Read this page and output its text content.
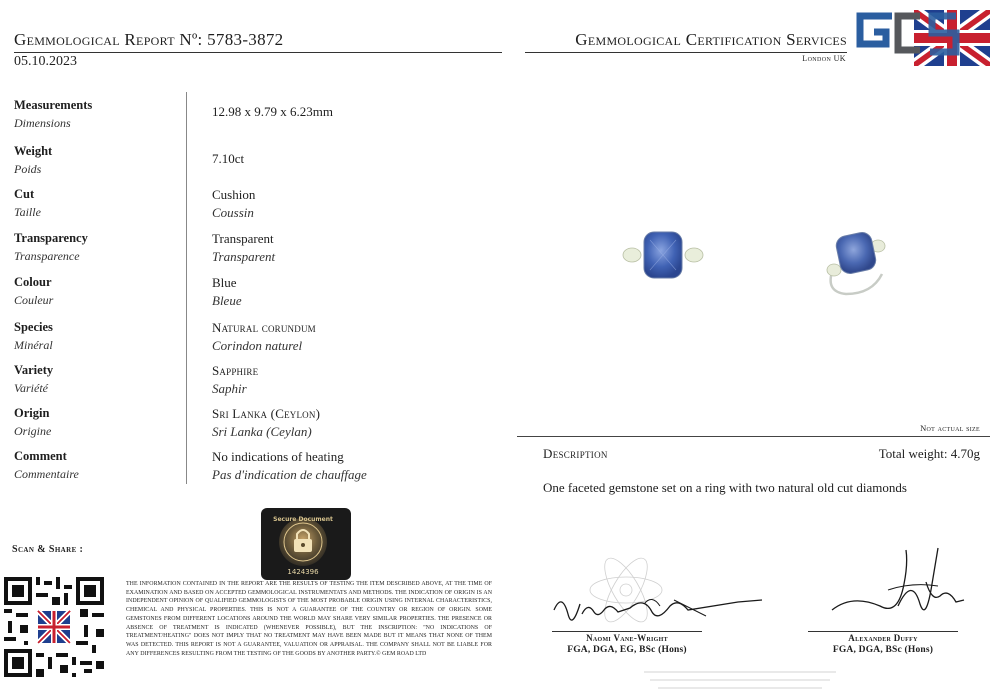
Gemmological Report Nº: 5783-3872
05.10.2023
Gemmological Certification Services
London UK
Measurements
Dimensions
12.98 x 9.79 x 6.23mm
Weight
Poids
7.10ct
Cut
Taille
Cushion
Coussin
Transparency
Transparence
Transparent
Transparent
Colour
Couleur
Blue
Bleue
Species
Minéral
Natural corundum
Corindon naturel
Variety
Variété
Sapphire
Saphir
Origin
Origine
Sri Lanka (Ceylon)
Sri Lanka (Ceylan)
Comment
Commentaire
No indications of heating
Pas d'indication de chauffage
Not actual size
Description	Total weight: 4.70g
One faceted gemstone set on a ring with two natural old cut diamonds
Scan & Share :
Secure Document
1424396
THE INFORMATION CONTAINED IN THE REPORT ARE THE RESULTS OF TESTING THE ITEM DESCRIBED ABOVE, AT THE TIME OF EXAMINATION AND BASED ON ACCEPTED GEMMOLOGICAL INSTRUMENTATS AND METHODS. THE INDICATION OF ORIGIN IS AN INDEPENDENT OPINION OF QUALIFIED GEMMOLOGISTS OF THE MOST PROBABLE ORIGIN USING INTERNAL CHARACTERISTICS, CHEMICAL AND PHYSICAL PROPERTIES. THIS IS NOT A GUARANTEE OF THE COUNTRY OR REGION OF ORIGIN. SOME GEMSTONES FROM DIFFERENT LOCATIONS AROUND THE WORLD MAY SHARE VERY SIMILAR PROPERTIES. THE PRESENCE OR ABSENCE OF TREATMENT IS INDICATED (WHENEVER POSSIBLE), BUT THE INSCRIPTION: "NO INDICATIONS OF TREATMENT/HEATING" DOES NOT IMPLY THAT NO TREATMENT MAY HAVE BEEN MADE BUT IT MEANS THAT NONE OF THEM WAS DETECTED. THIS REPORT IS NOT A GUARANTEE, VALUATION OR APPRAISAL. THE COMPANY SHALL NOT BE LIABLE FOR ANY DIFFERENCES RESULTING FROM THE TESTING OF THE GOODS BY ANOTHER PARTY.© GEM ROAD LTD
Naomi Vane-Wright
FGA, DGA, EG, BSc (Hons)
Alexander Duffy
FGA, DGA, BSc (Hons)
